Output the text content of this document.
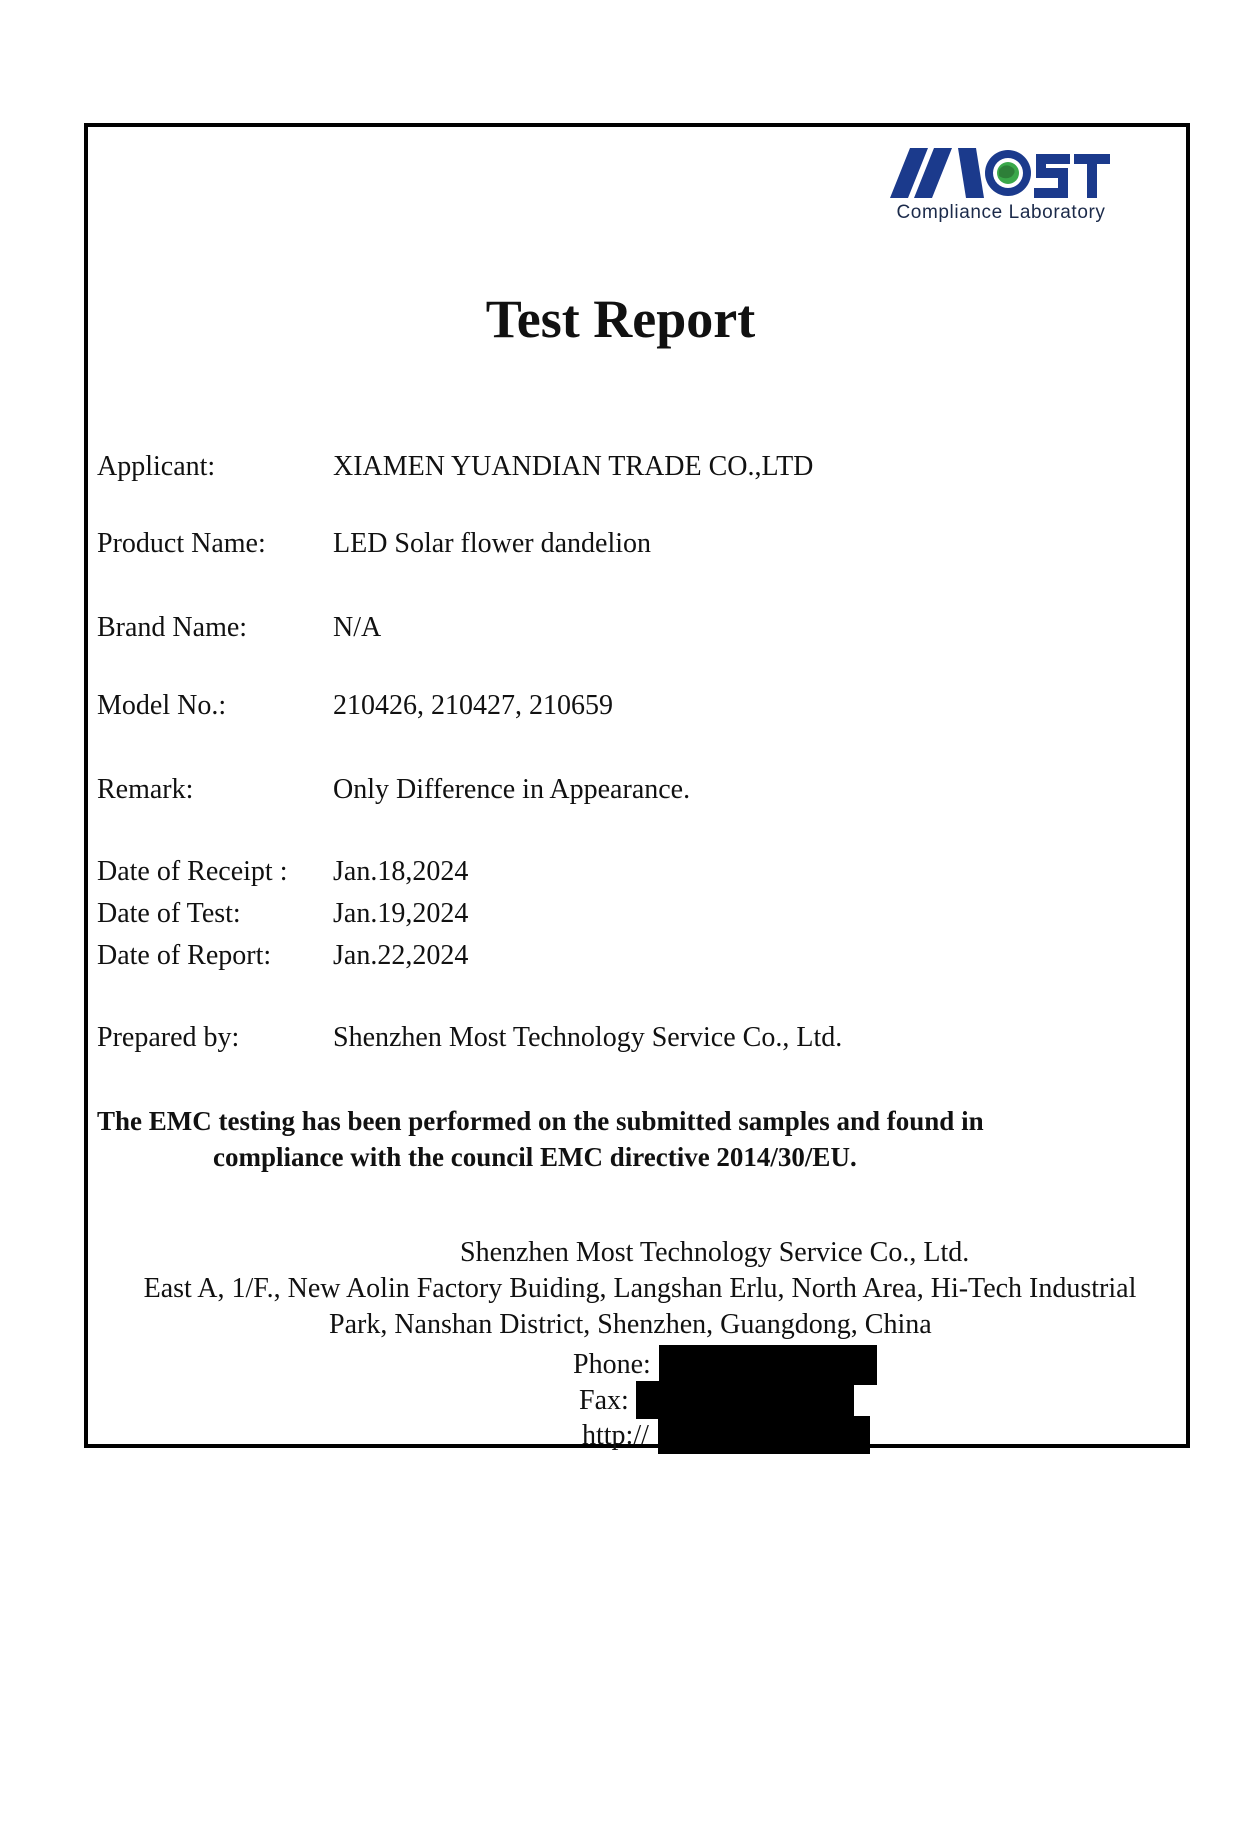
Compliance Laboratory
Test Report
Applicant:	XIAMEN YUANDIAN TRADE CO.,LTD
Product Name: LED Solar flower dandelion
Brand Name:	N/A
Model No.:	210426, 210427, 210659
Remark:	Only Difference in Appearance.
Date of Receipt : Jan.18,2024
Date of Test:	Jan.19,2024
Date of Report: Jan.22,2024
Prepared by:	Shenzhen Most Technology Service Co., Ltd.
The EMC testing has been performed on the submitted samples and found in
compliance with the council EMC directive 2014/30/EU.
Shenzhen Most Technology Service Co., Ltd.
East A, 1/F., New Aolin Factory Buiding, Langshan Erlu, North Area, Hi-Tech Industrial
Park, Nanshan District, Shenzhen, Guangdong, China
Phone:
Fax:
http://
